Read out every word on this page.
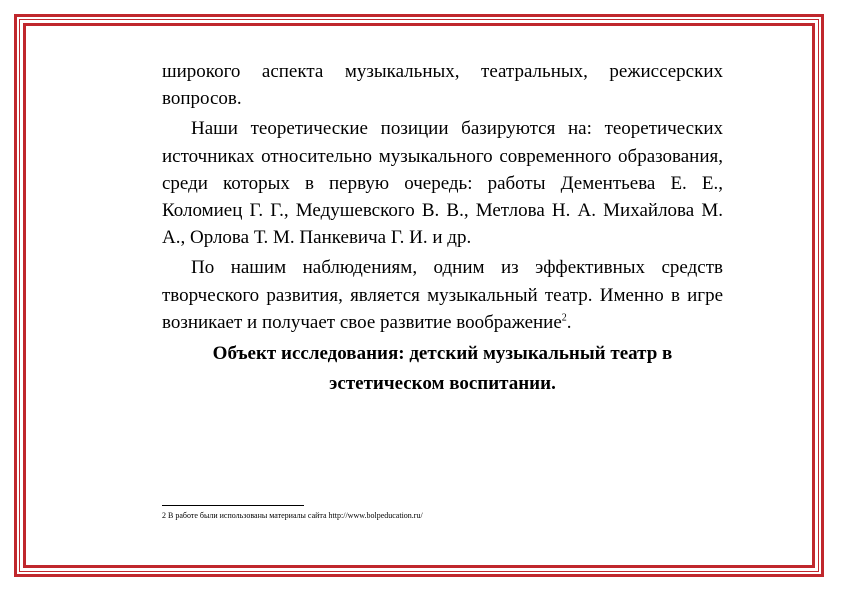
широкого аспекта музыкальных, театральных, режиссерских вопросов.

Наши теоретические позиции базируются на: теоретических источниках относительно музыкального современного образования, среди которых в первую очередь: работы Дементьева Е. Е., Коломиец Г. Г., Медушевского В. В., Метлова Н. А. Михайлова М. А., Орлова Т. М. Панкевича Г. И. и др.

По нашим наблюдениям, одним из эффективных средств творческого развития, является музыкальный театр. Именно в игре возникает и получает свое развитие воображение$^2$.

Объект исследования: детский музыкальный театр в эстетическом воспитании.

2 В работе были использованы материалы сайта http://www.bolpeducation.ru/
